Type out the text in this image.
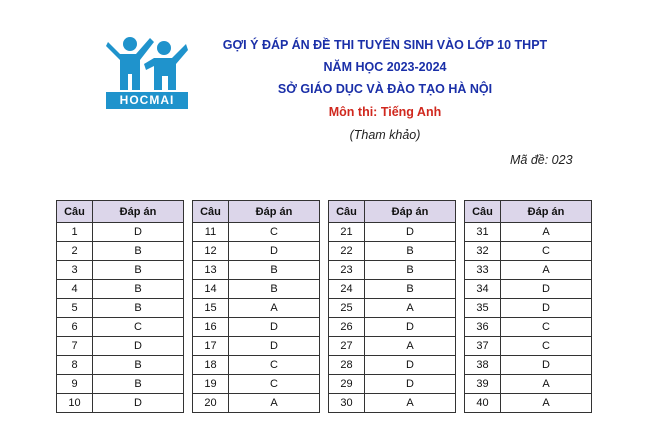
HOCMAI
GỢI Ý ĐÁP ÁN ĐỀ THI TUYỂN SINH VÀO LỚP 10 THPT
NĂM HỌC 2023-2024
SỞ GIÁO DỤC VÀ ĐÀO TẠO HÀ NỘI
Môn thi: Tiếng Anh
(Tham khảo)
Mã đề: 023
Câu	Đáp án
1	D
2	B
3	B
4	B
5	B
6	C
7	D
8	B
9	B
10	D
Câu	Đáp án
11	C
12	D
13	B
14	B
15	A
16	D
17	D
18	C
19	C
20	A
Câu	Đáp án
21	D
22	B
23	B
24	B
25	A
26	D
27	A
28	D
29	D
30	A
Câu	Đáp án
31	A
32	C
33	A
34	D
35	D
36	C
37	C
38	D
39	A
40	A
